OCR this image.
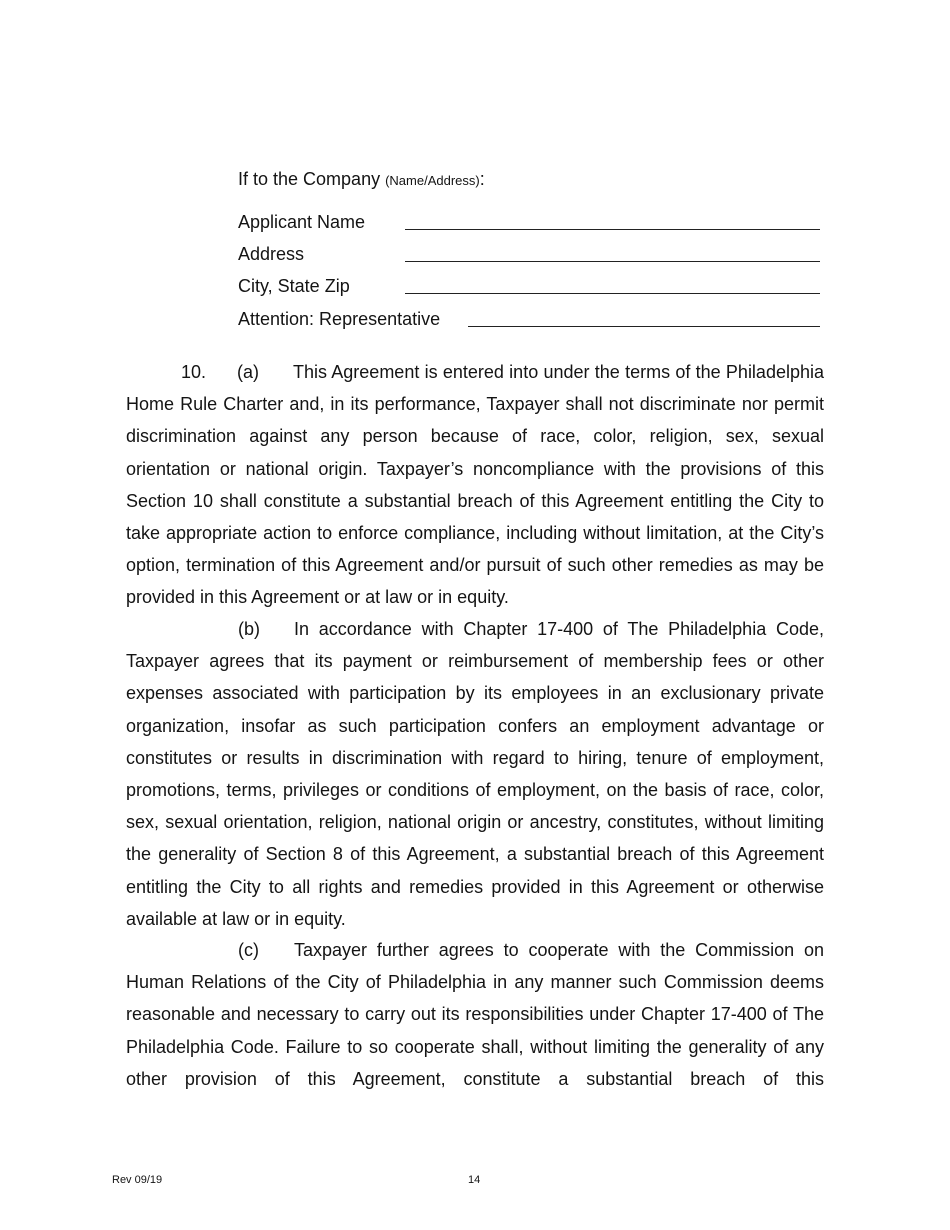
If to the Company (Name/Address):
Applicant Name
Address
City, State Zip
Attention: Representative

10. (a) This Agreement is entered into under the terms of the Philadelphia Home Rule Charter and, in its performance, Taxpayer shall not discriminate nor permit discrimination against any person because of race, color, religion, sex, sexual orientation or national origin. Taxpayer’s noncompliance with the provisions of this Section 10 shall constitute a substantial breach of this Agreement entitling the City to take appropriate action to enforce compliance, including without limitation, at the City’s option, termination of this Agreement and/or pursuit of such other remedies as may be provided in this Agreement or at law or in equity.

(b) In accordance with Chapter 17-400 of The Philadelphia Code, Taxpayer agrees that its payment or reimbursement of membership fees or other expenses associated with participation by its employees in an exclusionary private organization, insofar as such participation confers an employment advantage or constitutes or results in discrimination with regard to hiring, tenure of employment, promotions, terms, privileges or conditions of employment, on the basis of race, color, sex, sexual orientation, religion, national origin or ancestry, constitutes, without limiting the generality of Section 8 of this Agreement, a substantial breach of this Agreement entitling the City to all rights and remedies provided in this Agreement or otherwise available at law or in equity.

(c) Taxpayer further agrees to cooperate with the Commission on Human Relations of the City of Philadelphia in any manner such Commission deems reasonable and necessary to carry out its responsibilities under Chapter 17-400 of The Philadelphia Code. Failure to so cooperate shall, without limiting the generality of any other provision of this Agreement, constitute a substantial breach of this

Rev 09/19	14
